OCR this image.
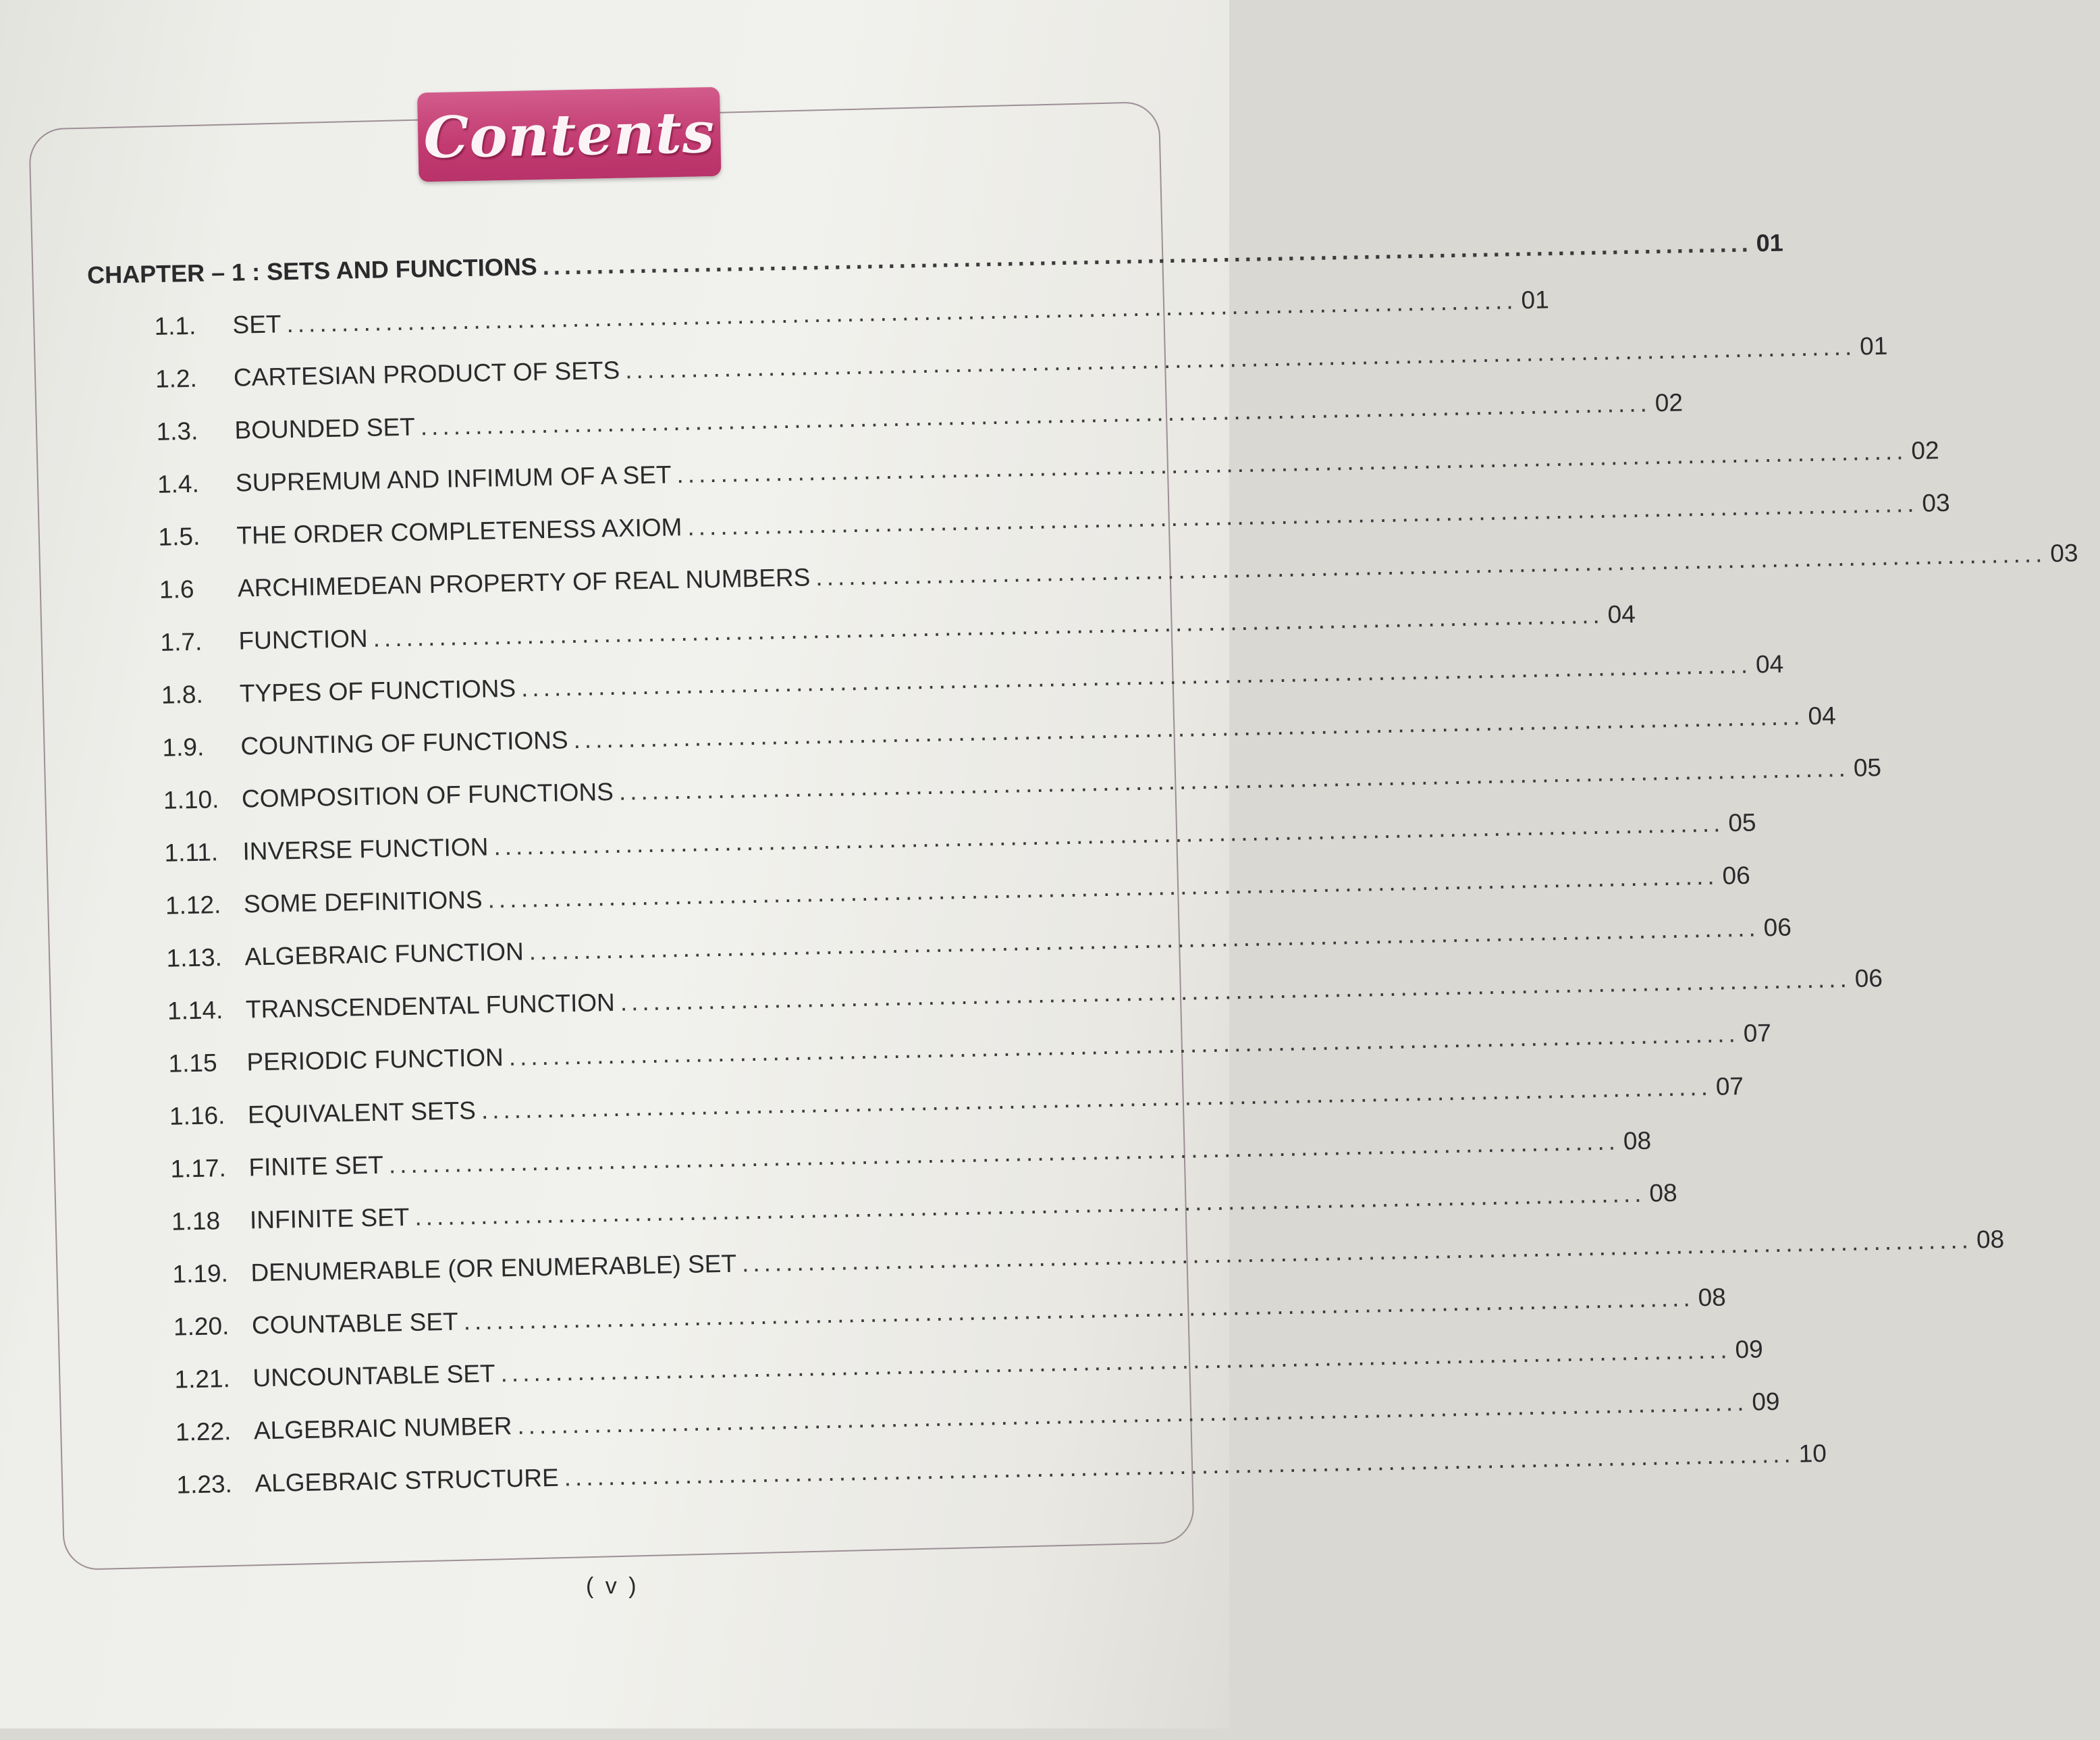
Contents
CHAPTER – 1 : SETS AND FUNCTIONS ................................................................................................................ 01
1.1.	SET ................................................................................................................ 01
1.2.	CARTESIAN PRODUCT OF SETS ................................................................................................................ 01
1.3.	BOUNDED SET ................................................................................................................ 02
1.4.	SUPREMUM AND INFIMUM OF A SET ................................................................................................................ 02
1.5.	THE ORDER COMPLETENESS AXIOM ................................................................................................................ 03
1.6	ARCHIMEDEAN PROPERTY OF REAL NUMBERS ................................................................................................................ 03
1.7.	FUNCTION ................................................................................................................ 04
1.8.	TYPES OF FUNCTIONS ................................................................................................................ 04
1.9.	COUNTING OF FUNCTIONS ................................................................................................................ 04
1.10. COMPOSITION OF FUNCTIONS ................................................................................................................ 05
1.11. INVERSE FUNCTION ................................................................................................................ 05
1.12. SOME DEFINITIONS ................................................................................................................ 06
1.13. ALGEBRAIC FUNCTION ................................................................................................................ 06
1.14. TRANSCENDENTAL FUNCTION ................................................................................................................ 06
1.15	PERIODIC FUNCTION ................................................................................................................ 07
1.16. EQUIVALENT SETS ................................................................................................................ 07
1.17. FINITE SET ................................................................................................................ 08
1.18	INFINITE SET ................................................................................................................ 08
1.19. DENUMERABLE (OR ENUMERABLE) SET ................................................................................................................ 08
1.20. COUNTABLE SET ................................................................................................................ 08
1.21. UNCOUNTABLE SET ................................................................................................................ 09
1.22. ALGEBRAIC NUMBER ................................................................................................................ 09
1.23. ALGEBRAIC STRUCTURE ................................................................................................................ 10
( v )
